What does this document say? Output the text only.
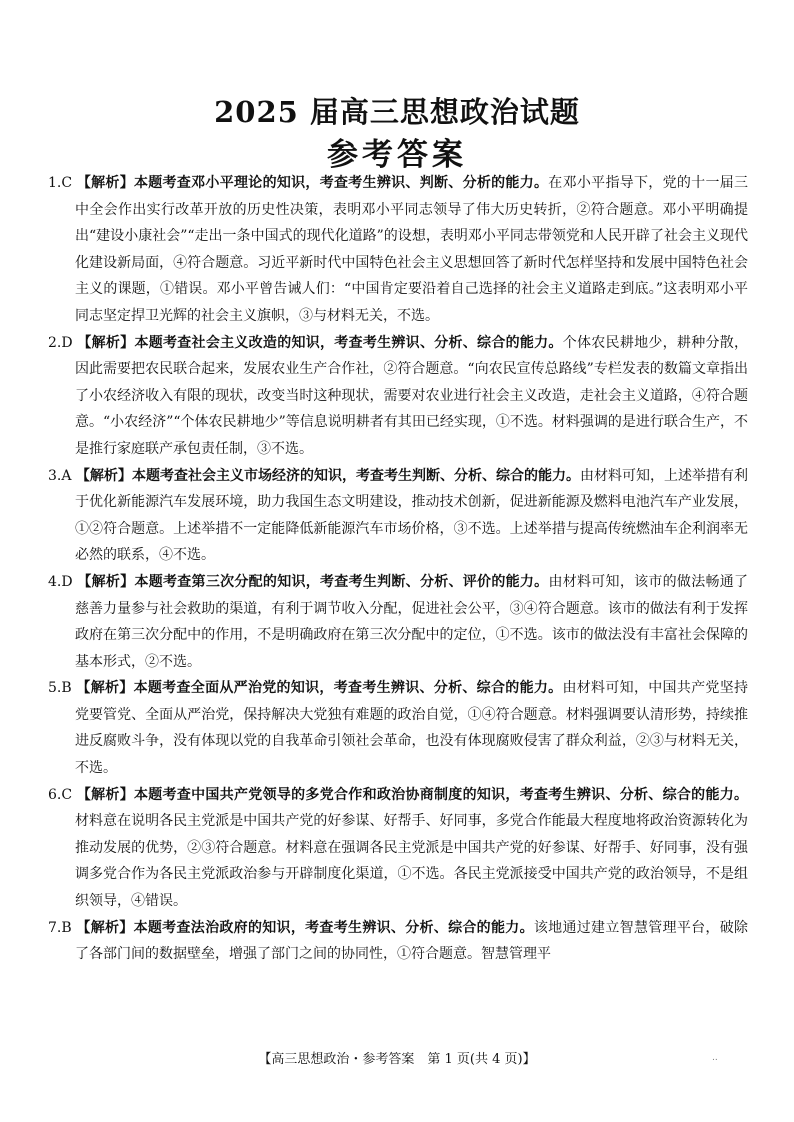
2025 届高三思想政治试题
参考答案

1.C 【解析】本题考查邓小平理论的知识，考查考生辨识、判断、分析的能力。在邓小平指导下，党的十一届三中全会作出实行改革开放的历史性决策，表明邓小平同志领导了伟大历史转折，②符合题意。邓小平明确提出“建设小康社会”“走出一条中国式的现代化道路”的设想，表明邓小平同志带领党和人民开辟了社会主义现代化建设新局面，④符合题意。习近平新时代中国特色社会主义思想回答了新时代怎样坚持和发展中国特色社会主义的课题，①错误。邓小平曾告诫人们：“中国肯定要沿着自己选择的社会主义道路走到底。”这表明邓小平同志坚定捍卫光辉的社会主义旗帜，③与材料无关，不选。

2.D 【解析】本题考查社会主义改造的知识，考查考生辨识、分析、综合的能力。个体农民耕地少，耕种分散，因此需要把农民联合起来，发展农业生产合作社，②符合题意。“向农民宣传总路线”专栏发表的数篇文章指出了小农经济收入有限的现状，改变当时这种现状，需要对农业进行社会主义改造，走社会主义道路，④符合题意。“小农经济”“个体农民耕地少”等信息说明耕者有其田已经实现，①不选。材料强调的是进行联合生产，不是推行家庭联产承包责任制，③不选。

3.A 【解析】本题考查社会主义市场经济的知识，考查考生判断、分析、综合的能力。由材料可知，上述举措有利于优化新能源汽车发展环境，助力我国生态文明建设，推动技术创新，促进新能源及燃料电池汽车产业发展，①②符合题意。上述举措不一定能降低新能源汽车市场价格，③不选。上述举措与提高传统燃油车企利润率无必然的联系，④不选。

4.D 【解析】本题考查第三次分配的知识，考查考生判断、分析、评价的能力。由材料可知，该市的做法畅通了慈善力量参与社会救助的渠道，有利于调节收入分配，促进社会公平，③④符合题意。该市的做法有利于发挥政府在第三次分配中的作用，不是明确政府在第三次分配中的定位，①不选。该市的做法没有丰富社会保障的基本形式，②不选。

5.B 【解析】本题考查全面从严治党的知识，考查考生辨识、分析、综合的能力。由材料可知，中国共产党坚持党要管党、全面从严治党，保持解决大党独有难题的政治自觉，①④符合题意。材料强调要认清形势，持续推进反腐败斗争，没有体现以党的自我革命引领社会革命，也没有体现腐败侵害了群众利益，②③与材料无关，不选。

6.C 【解析】本题考查中国共产党领导的多党合作和政治协商制度的知识，考查考生辨识、分析、综合的能力。材料意在说明各民主党派是中国共产党的好参谋、好帮手、好同事，多党合作能最大程度地将政治资源转化为推动发展的优势，②③符合题意。材料意在强调各民主党派是中国共产党的好参谋、好帮手、好同事，没有强调多党合作为各民主党派政治参与开辟制度化渠道，①不选。各民主党派接受中国共产党的政治领导，不是组织领导，④错误。

7.B 【解析】本题考查法治政府的知识，考查考生辨识、分析、综合的能力。该地通过建立智慧管理平台，破除了各部门间的数据壁垒，增强了部门之间的协同性，①符合题意。智慧管理平

【高三思想政治・参考答案　第 1 页(共 4 页)】	..
